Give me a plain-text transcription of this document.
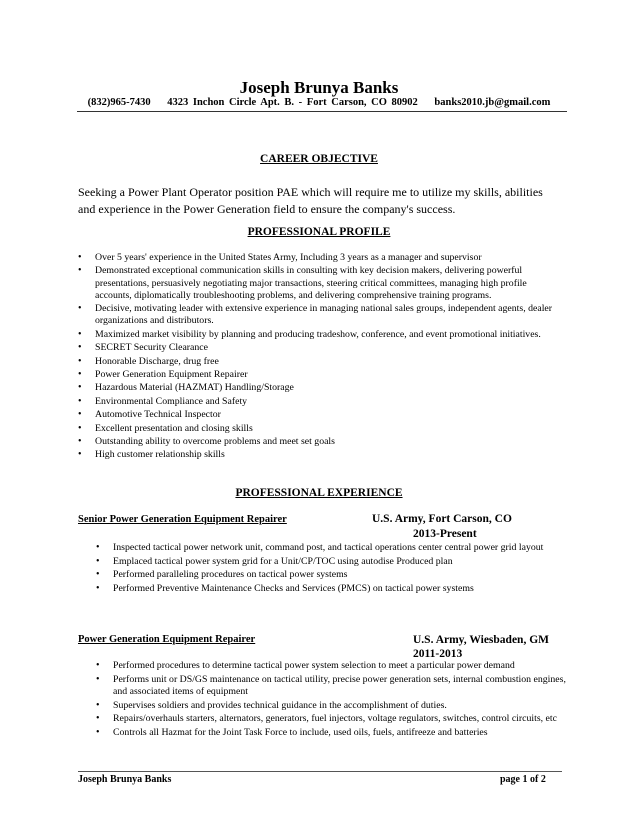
Joseph Brunya Banks
(832)965-7430 4323 Inchon Circle Apt. B. - Fort Carson, CO 80902 banks2010.jb@gmail.com
CAREER OBJECTIVE
Seeking a Power Plant Operator position PAE which will require me to utilize my skills, abilities and experience in the Power Generation field to ensure the company's success.
PROFESSIONAL PROFILE
• Over 5 years' experience in the United States Army, Including 3 years as a manager and supervisor
• Demonstrated exceptional communication skills in consulting with key decision makers, delivering powerful presentations, persuasively negotiating major transactions, steering critical committees, managing high profile accounts, diplomatically troubleshooting problems, and delivering comprehensive training programs.
• Decisive, motivating leader with extensive experience in managing national sales groups, independent agents, dealer organizations and distributors.
• Maximized market visibility by planning and producing tradeshow, conference, and event promotional initiatives.
• SECRET Security Clearance
• Honorable Discharge, drug free
• Power Generation Equipment Repairer
• Hazardous Material (HAZMAT) Handling/Storage
• Environmental Compliance and Safety
• Automotive Technical Inspector
• Excellent presentation and closing skills
• Outstanding ability to overcome problems and meet set goals
• High customer relationship skills
PROFESSIONAL EXPERIENCE
Senior Power Generation Equipment Repairer	U.S. Army, Fort Carson, CO
2013-Present
• Inspected tactical power network unit, command post, and tactical operations center central power grid layout
• Emplaced tactical power system grid for a Unit/CP/TOC using autodise Produced plan
• Performed paralleling procedures on tactical power systems
• Performed Preventive Maintenance Checks and Services (PMCS) on tactical power systems
Power Generation Equipment Repairer	U.S. Army, Wiesbaden, GM
2011-2013
• Performed procedures to determine tactical power system selection to meet a particular power demand
• Performs unit or DS/GS maintenance on tactical utility, precise power generation sets, internal combustion engines, and associated items of equipment
• Supervises soldiers and provides technical guidance in the accomplishment of duties.
• Repairs/overhauls starters, alternators, generators, fuel injectors, voltage regulators, switches, control circuits, etc
• Controls all Hazmat for the Joint Task Force to include, used oils, fuels, antifreeze and batteries
Joseph Brunya Banks	page 1 of 2
